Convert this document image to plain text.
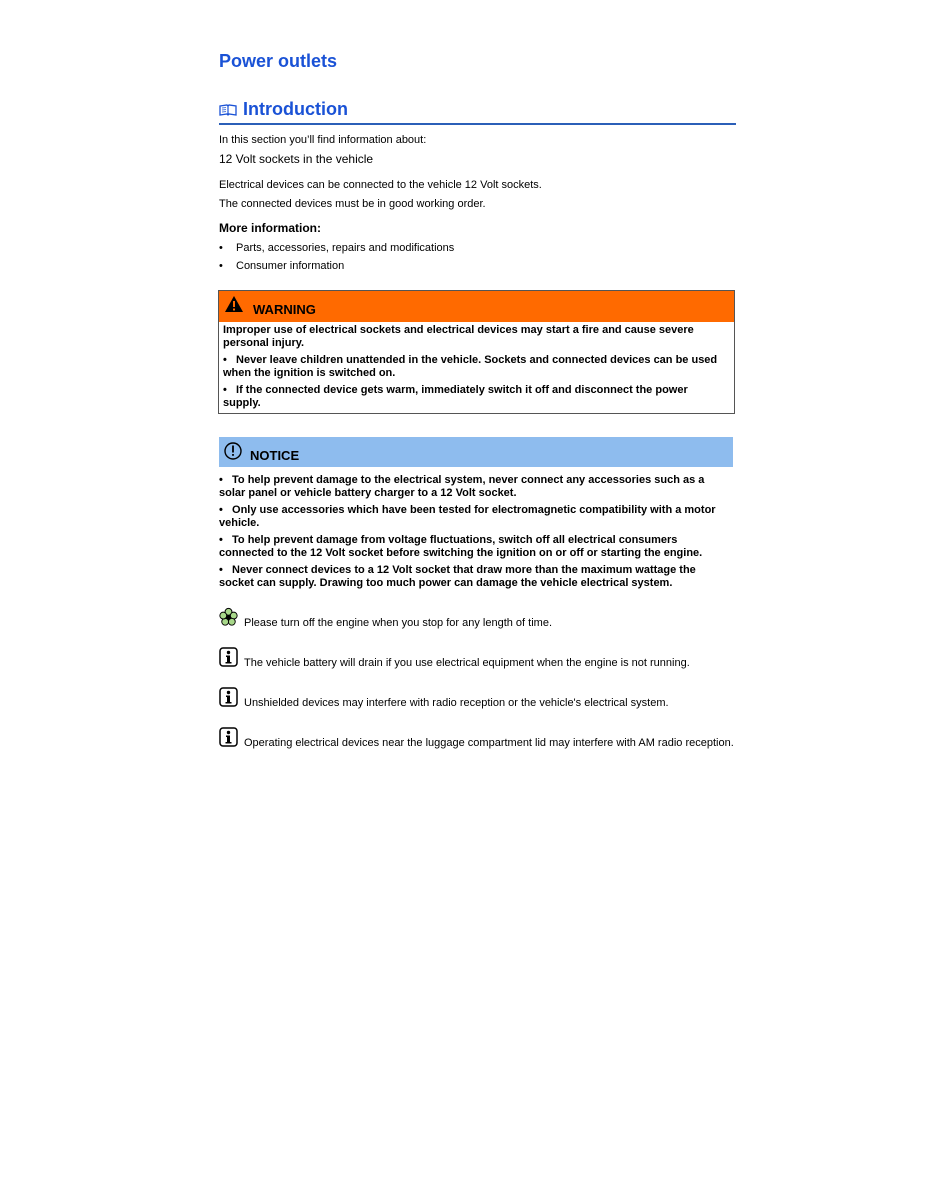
Power outlets
Introduction
In this section you’ll find information about:
12 Volt sockets in the vehicle
Electrical devices can be connected to the vehicle 12 Volt sockets.
The connected devices must be in good working order.
More information:
• Parts, accessories, repairs and modifications
• Consumer information
WARNING
Improper use of electrical sockets and electrical devices may start a fire and cause severe personal injury.
•   Never leave children unattended in the vehicle. Sockets and connected devices can be used when the ignition is switched on.
•   If the connected device gets warm, immediately switch it off and disconnect the power supply.
NOTICE
•   To help prevent damage to the electrical system, never connect any accessories such as a solar panel or vehicle battery charger to a 12 Volt socket.
•   Only use accessories which have been tested for electromagnetic compatibility with a motor vehicle.
•   To help prevent damage from voltage fluctuations, switch off all electrical consumers connected to the 12 Volt socket before switching the ignition on or off or starting the engine.
•   Never connect devices to a 12 Volt socket that draw more than the maximum wattage the socket can supply. Drawing too much power can damage the vehicle electrical system.
Please turn off the engine when you stop for any length of time.
The vehicle battery will drain if you use electrical equipment when the engine is not running.
Unshielded devices may interfere with radio reception or the vehicle's electrical system.
Operating electrical devices near the luggage compartment lid may interfere with AM radio reception.
